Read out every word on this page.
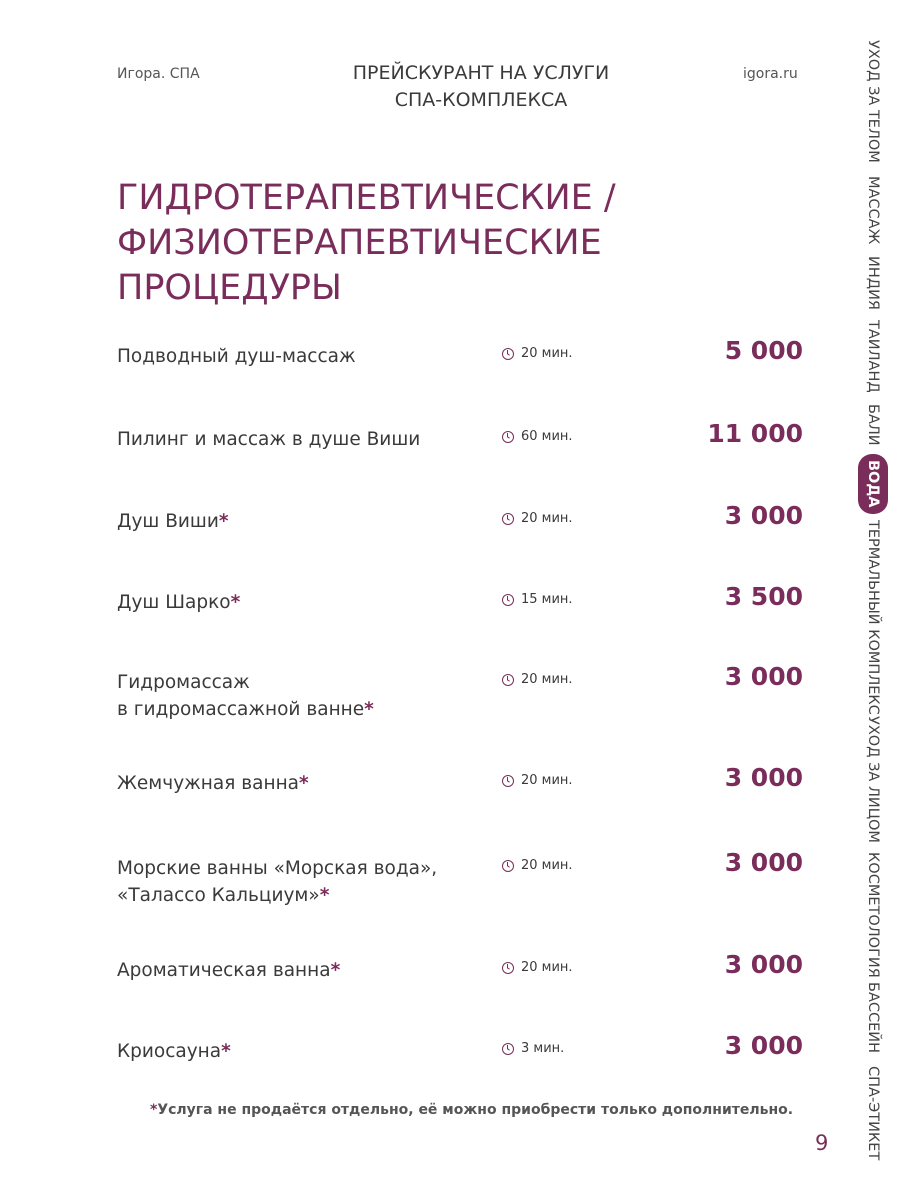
Игора. СПА	ПРЕЙСКУРАНТ НА УСЛУГИ
СПА-КОМПЛЕКСА
igora.ru
ГИДРОТЕРАПЕВТИЧЕСКИЕ /
ФИЗИОТЕРАПЕВТИЧЕСКИЕ
ПРОЦЕДУРЫ
Подводный душ-массаж	20 мин.	5 000
Пилинг и массаж в душе Виши	60 мин.	11 000
Душ Виши*	20 мин.	3 000
Душ Шарко*	15 мин.	3 500
Гидромассаж
в гидромассажной ванне*
20 мин.	3 000
Жемчужная ванна*	20 мин.	3 000
Морские ванны «Морская вода»,
«Талассо Кальциум»*
20 мин.	3 000
Ароматическая ванна*	20 мин.	3 000
Криосауна*	3 мин.	3 000
*Услуга не продаётся отдельно, её можно приобрести только дополнительно.
9
УХОД ЗА ТЕЛОМ
МАССАЖ
ИНДИЯ
ТАИЛАНД
БАЛИ
ВОДА
ТЕРМАЛЬНЫЙ КОМПЛЕКС
УХОД ЗА ЛИЦОМ
КОСМЕТОЛОГИЯ
БАССЕЙН
СПА-ЭТИКЕТ
